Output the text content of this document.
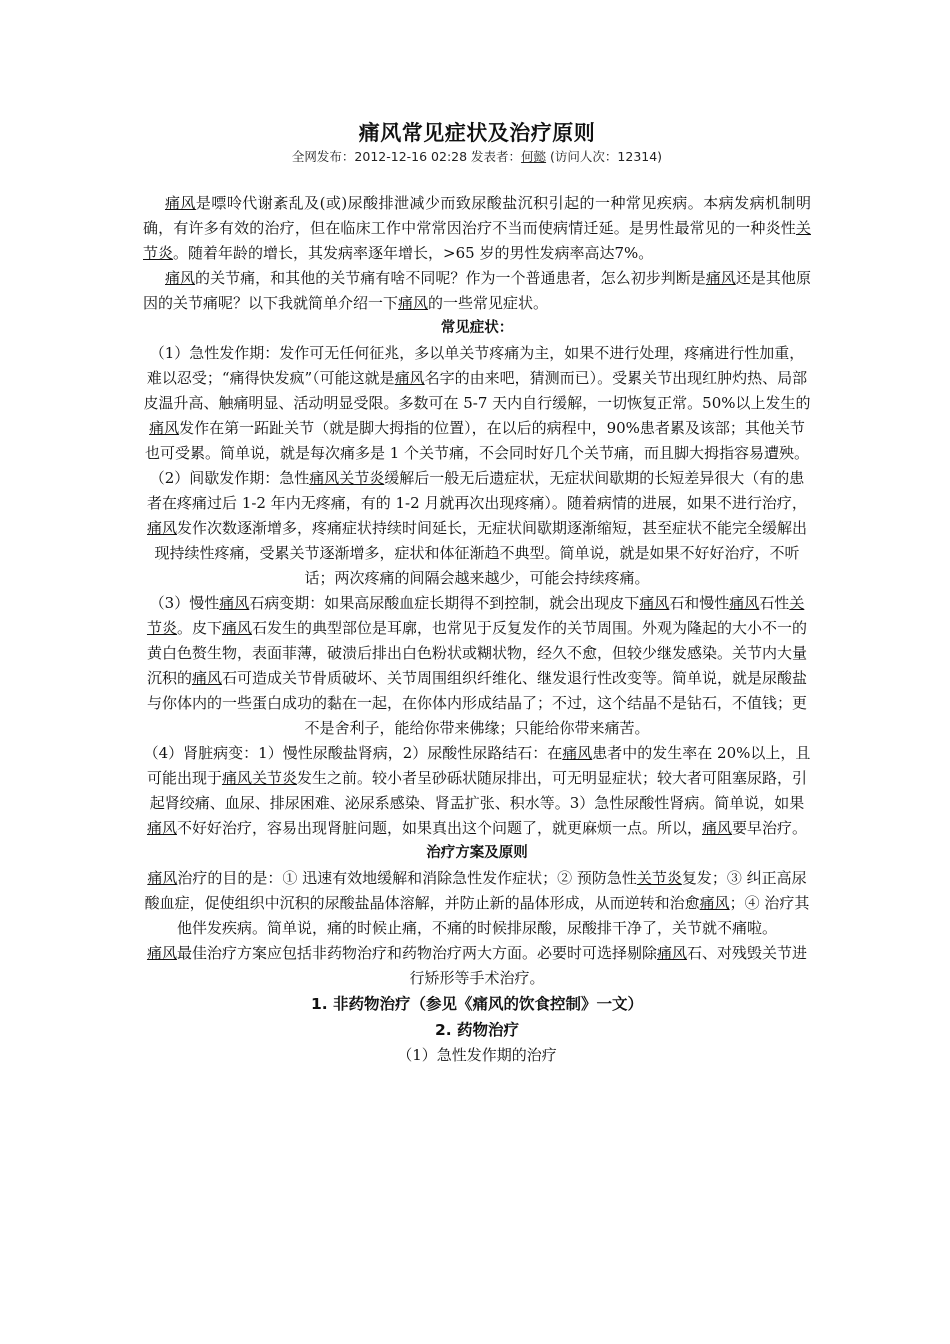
痛风常见症状及治疗原则
全网发布：2012-12-16 02:28 发表者：何懿 (访问人次：12314)

痛风是嘌呤代谢紊乱及(或)尿酸排泄减少而致尿酸盐沉积引起的一种常见疾病。本病发病机制明确，有许多有效的治疗，但在临床工作中常常因治疗不当而使病情迁延。是男性最常见的一种炎性关节炎。随着年龄的增长，其发病率逐年增长，>65 岁的男性发病率高达7%。

痛风的关节痛，和其他的关节痛有啥不同呢？作为一个普通患者，怎么初步判断是痛风还是其他原因的关节痛呢？以下我就简单介绍一下痛风的一些常见症状。

常见症状：

（1）急性发作期：发作可无任何征兆，多以单关节疼痛为主，如果不进行处理，疼痛进行性加重，难以忍受；“痛得快发疯”（可能这就是痛风名字的由来吧，猜测而已）。受累关节出现红肿灼热、局部皮温升高、触痛明显、活动明显受限。多数可在 5-7 天内自行缓解，一切恢复正常。50%以上发生的痛风发作在第一跖趾关节（就是脚大拇指的位置），在以后的病程中，90%患者累及该部；其他关节也可受累。简单说，就是每次痛多是 1 个关节痛，不会同时好几个关节痛，而且脚大拇指容易遭殃。

（2）间歇发作期：急性痛风关节炎缓解后一般无后遗症状，无症状间歇期的长短差异很大（有的患者在疼痛过后 1-2 年内无疼痛，有的 1-2 月就再次出现疼痛）。随着病情的进展，如果不进行治疗，痛风发作次数逐渐增多，疼痛症状持续时间延长，无症状间歇期逐渐缩短，甚至症状不能完全缓解出现持续性疼痛，受累关节逐渐增多，症状和体征渐趋不典型。简单说，就是如果不好好治疗，不听话；两次疼痛的间隔会越来越少，可能会持续疼痛。

（3）慢性痛风石病变期：如果高尿酸血症长期得不到控制，就会出现皮下痛风石和慢性痛风石性关节炎。皮下痛风石发生的典型部位是耳廓，也常见于反复发作的关节周围。外观为隆起的大小不一的黄白色赘生物，表面菲薄，破溃后排出白色粉状或糊状物，经久不愈，但较少继发感染。关节内大量沉积的痛风石可造成关节骨质破坏、关节周围组织纤维化、继发退行性改变等。简单说，就是尿酸盐与你体内的一些蛋白成功的黏在一起，在你体内形成结晶了；不过，这个结晶不是钻石，不值钱；更不是舍利子，能给你带来佛缘；只能给你带来痛苦。

（4）肾脏病变：1）慢性尿酸盐肾病，2）尿酸性尿路结石：在痛风患者中的发生率在 20%以上，且可能出现于痛风关节炎发生之前。较小者呈砂砾状随尿排出，可无明显症状；较大者可阻塞尿路，引起肾绞痛、血尿、排尿困难、泌尿系感染、肾盂扩张、积水等。3）急性尿酸性肾病。简单说，如果痛风不好好治疗，容易出现肾脏问题，如果真出这个问题了，就更麻烦一点。所以，痛风要早治疗。

治疗方案及原则

痛风治疗的目的是：① 迅速有效地缓解和消除急性发作症状；② 预防急性关节炎复发；③ 纠正高尿酸血症，促使组织中沉积的尿酸盐晶体溶解，并防止新的晶体形成，从而逆转和治愈痛风；④ 治疗其他伴发疾病。简单说，痛的时候止痛，不痛的时候排尿酸，尿酸排干净了，关节就不痛啦。

痛风最佳治疗方案应包括非药物治疗和药物治疗两大方面。必要时可选择剔除痛风石、对残毁关节进行矫形等手术治疗。

1. 非药物治疗（参见《痛风的饮食控制》一文）

2. 药物治疗

（1）急性发作期的治疗
